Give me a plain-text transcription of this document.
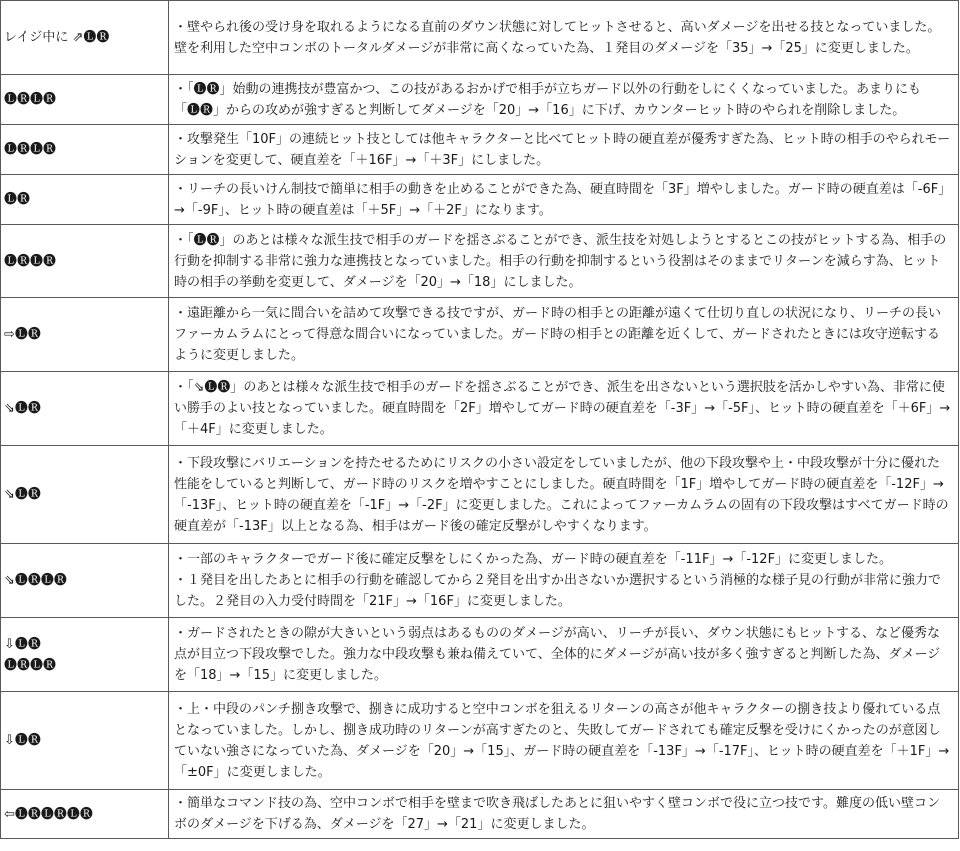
レイジ中に ⇗🅛🅡	・壁やられ後の受け身を取れるようになる直前のダウン状態に対してヒットさせると、高いダメージを出せる技となっていました。壁を利用した空中コンボのトータルダメージが非常に高くなっていた為、１発目のダメージを「35」→「25」に変更しました。

🅛🅡🅛🅡	・「🅛🅡」始動の連携技が豊富かつ、この技があるおかげで相手が立ちガード以外の行動をしにくくなっていました。あまりにも「🅛🅡」からの攻めが強すぎると判断してダメージを「20」→「16」に下げ、カウンターヒット時のやられを削除しました。

🅛🅡🅛🅡	・攻撃発生「10F」の連続ヒット技としては他キャラクターと比べてヒット時の硬直差が優秀すぎた為、ヒット時の相手のやられモーションを変更して、硬直差を「＋16F」→「＋3F」にしました。

🅛🅡	・リーチの長いけん制技で簡単に相手の動きを止めることができた為、硬直時間を「3F」増やしました。ガード時の硬直差は「-6F」→「-9F」、ヒット時の硬直差は「＋5F」→「＋2F」になります。

🅛🅡🅛🅡	・「🅛🅡」のあとは様々な派生技で相手のガードを揺さぶることができ、派生技を対処しようとするとこの技がヒットする為、相手の行動を抑制する非常に強力な連携技となっていました。相手の行動を抑制するという役割はそのままでリターンを減らす為、ヒット時の相手の挙動を変更して、ダメージを「20」→「18」にしました。

⇨🅛🅡	・遠距離から一気に間合いを詰めて攻撃できる技ですが、ガード時の相手との距離が遠くて仕切り直しの状況になり、リーチの長いファーカムラムにとって得意な間合いになっていました。ガード時の相手との距離を近くして、ガードされたときには攻守逆転するように変更しました。

⇘🅛🅡	・「⇘🅛🅡」のあとは様々な派生技で相手のガードを揺さぶることができ、派生を出さないという選択肢を活かしやすい為、非常に使い勝手のよい技となっていました。硬直時間を「2F」増やしてガード時の硬直差を「-3F」→「-5F」、ヒット時の硬直差を「＋6F」→「＋4F」に変更しました。

⇘🅛🅡	・下段攻撃にバリエーションを持たせるためにリスクの小さい設定をしていましたが、他の下段攻撃や上・中段攻撃が十分に優れた性能をしていると判断して、ガード時のリスクを増やすことにしました。硬直時間を「1F」増やしてガード時の硬直差を「-12F」→「-13F」、ヒット時の硬直差を「-1F」→「-2F」に変更しました。これによってファーカムラムの固有の下段攻撃はすべてガード時の硬直差が「-13F」以上となる為、相手はガード後の確定反撃がしやすくなります。

⇘🅛🅡🅛🅡	・一部のキャラクターでガード後に確定反撃をしにくかった為、ガード時の硬直差を「-11F」→「-12F」に変更しました。
・１発目を出したあとに相手の行動を確認してから２発目を出すか出さないか選択するという消極的な様子見の行動が非常に強力でした。２発目の入力受付時間を「21F」→「16F」に変更しました。

⇩🅛🅡
🅛🅡🅛🅡	・ガードされたときの隙が大きいという弱点はあるもののダメージが高い、リーチが長い、ダウン状態にもヒットする、など優秀な点が目立つ下段攻撃でした。強力な中段攻撃も兼ね備えていて、全体的にダメージが高い技が多く強すぎると判断した為、ダメージを「18」→「15」に変更しました。

⇩🅛🅡	・上・中段のパンチ捌き攻撃で、捌きに成功すると空中コンボを狙えるリターンの高さが他キャラクターの捌き技より優れている点となっていました。しかし、捌き成功時のリターンが高すぎたのと、失敗してガードされても確定反撃を受けにくかったのが意図していない強さになっていた為、ダメージを「20」→「15」、ガード時の硬直差を「-13F」→「-17F」、ヒット時の硬直差を「＋1F」→「±0F」に変更しました。

⇦🅛🅡🅛🅡🅛🅡	・簡単なコマンド技の為、空中コンボで相手を壁まで吹き飛ばしたあとに狙いやすく壁コンボで役に立つ技です。難度の低い壁コンボのダメージを下げる為、ダメージを「27」→「21」に変更しました。
